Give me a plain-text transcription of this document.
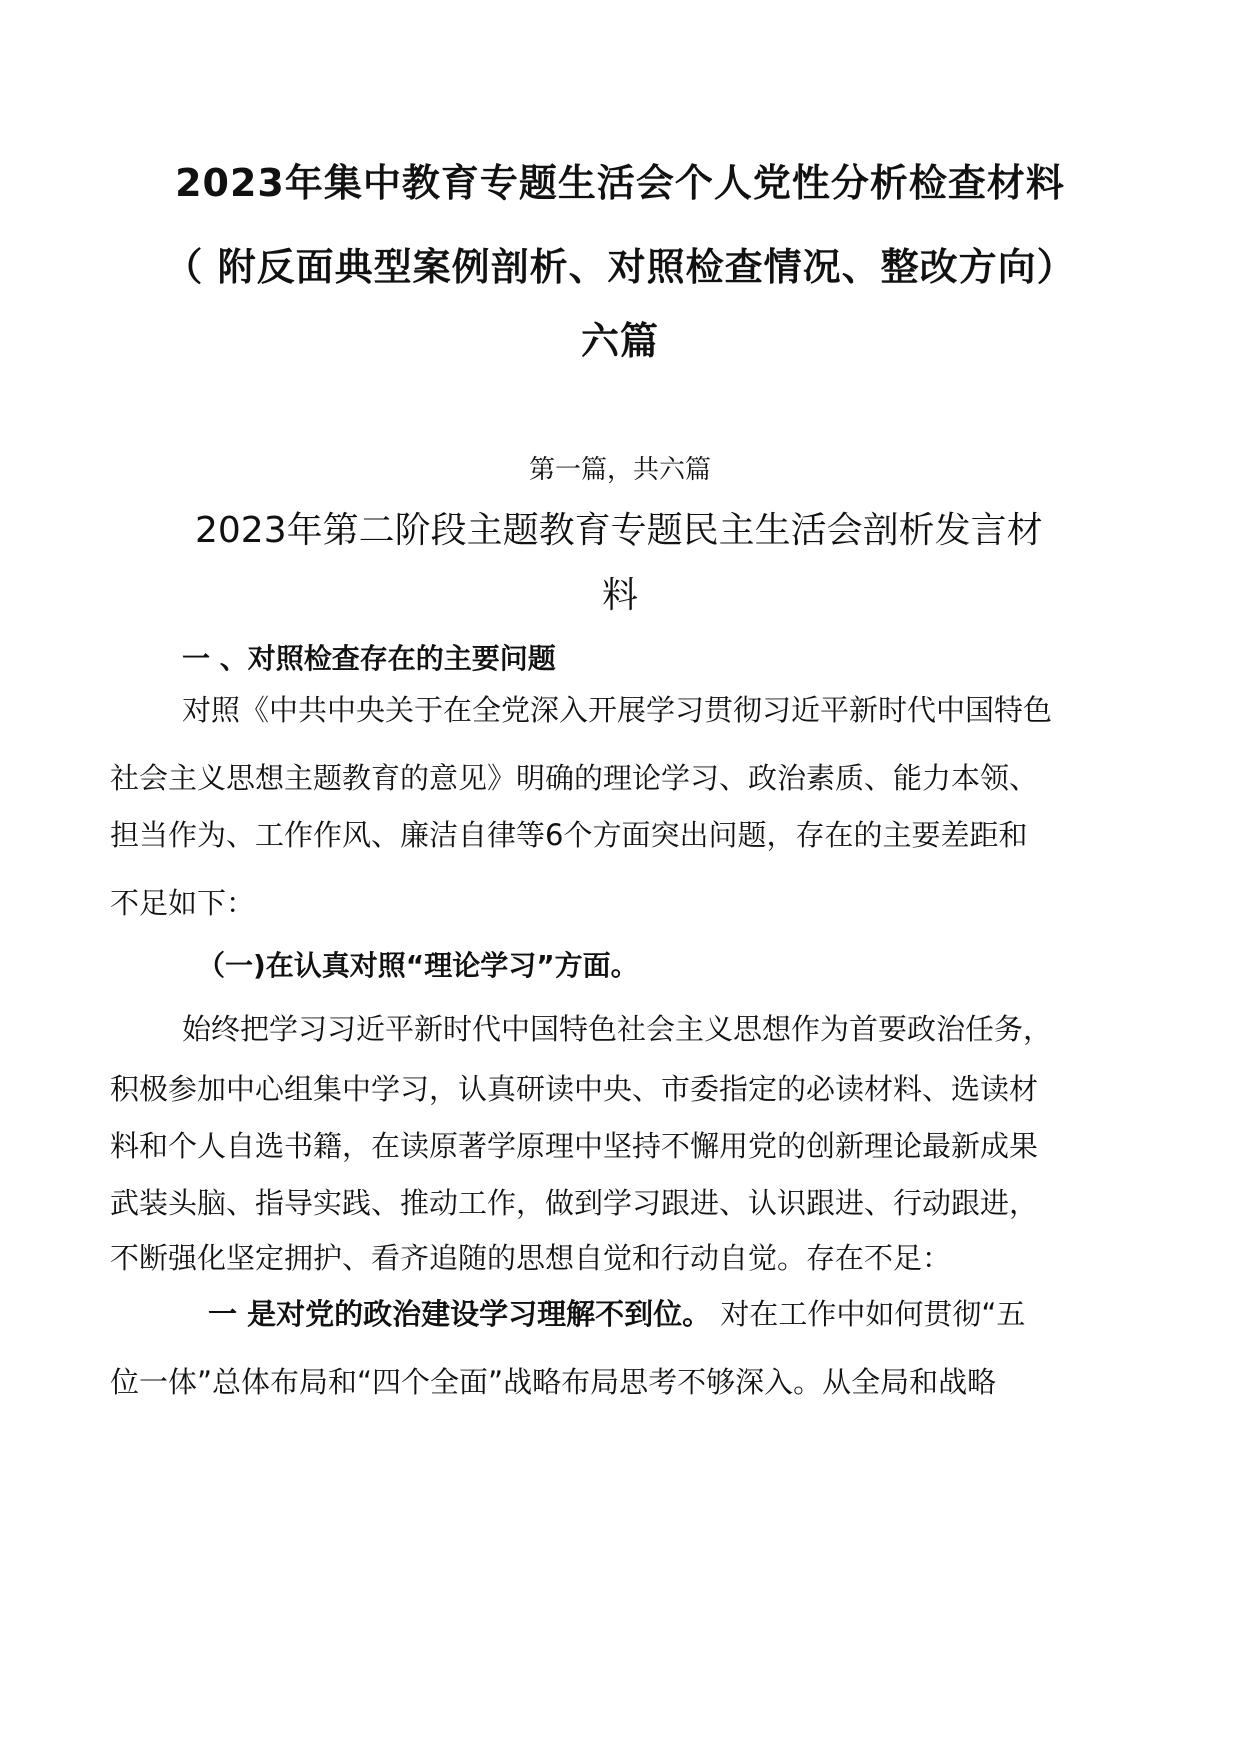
2023年集中教育专题生活会个人党性分析检查材料
（ 附反面典型案例剖析、对照检查情况、整改方向）
六篇
第一篇，共六篇
2023年第二阶段主题教育专题民主生活会剖析发言材
料
一 、对照检查存在的主要问题
对照《中共中央关于在全党深入开展学习贯彻习近平新时代中国特色
社会主义思想主题教育的意见》明确的理论学习、政治素质、能力本领、
担当作为、工作作风、廉洁自律等6个方面突出问题，存在的主要差距和
不足如下：
（一)在认真对照“理论学习”方面。
始终把学习习近平新时代中国特色社会主义思想作为首要政治任务，
积极参加中心组集中学习，认真研读中央、市委指定的必读材料、选读材
料和个人自选书籍，在读原著学原理中坚持不懈用党的创新理论最新成果
武装头脑、指导实践、推动工作，做到学习跟进、认识跟进、行动跟进，
不断强化坚定拥护、看齐追随的思想自觉和行动自觉。存在不足：
一 是对党的政治建设学习理解不到位。 对在工作中如何贯彻“五
位一体”总体布局和“四个全面”战略布局思考不够深入。从全局和战略
